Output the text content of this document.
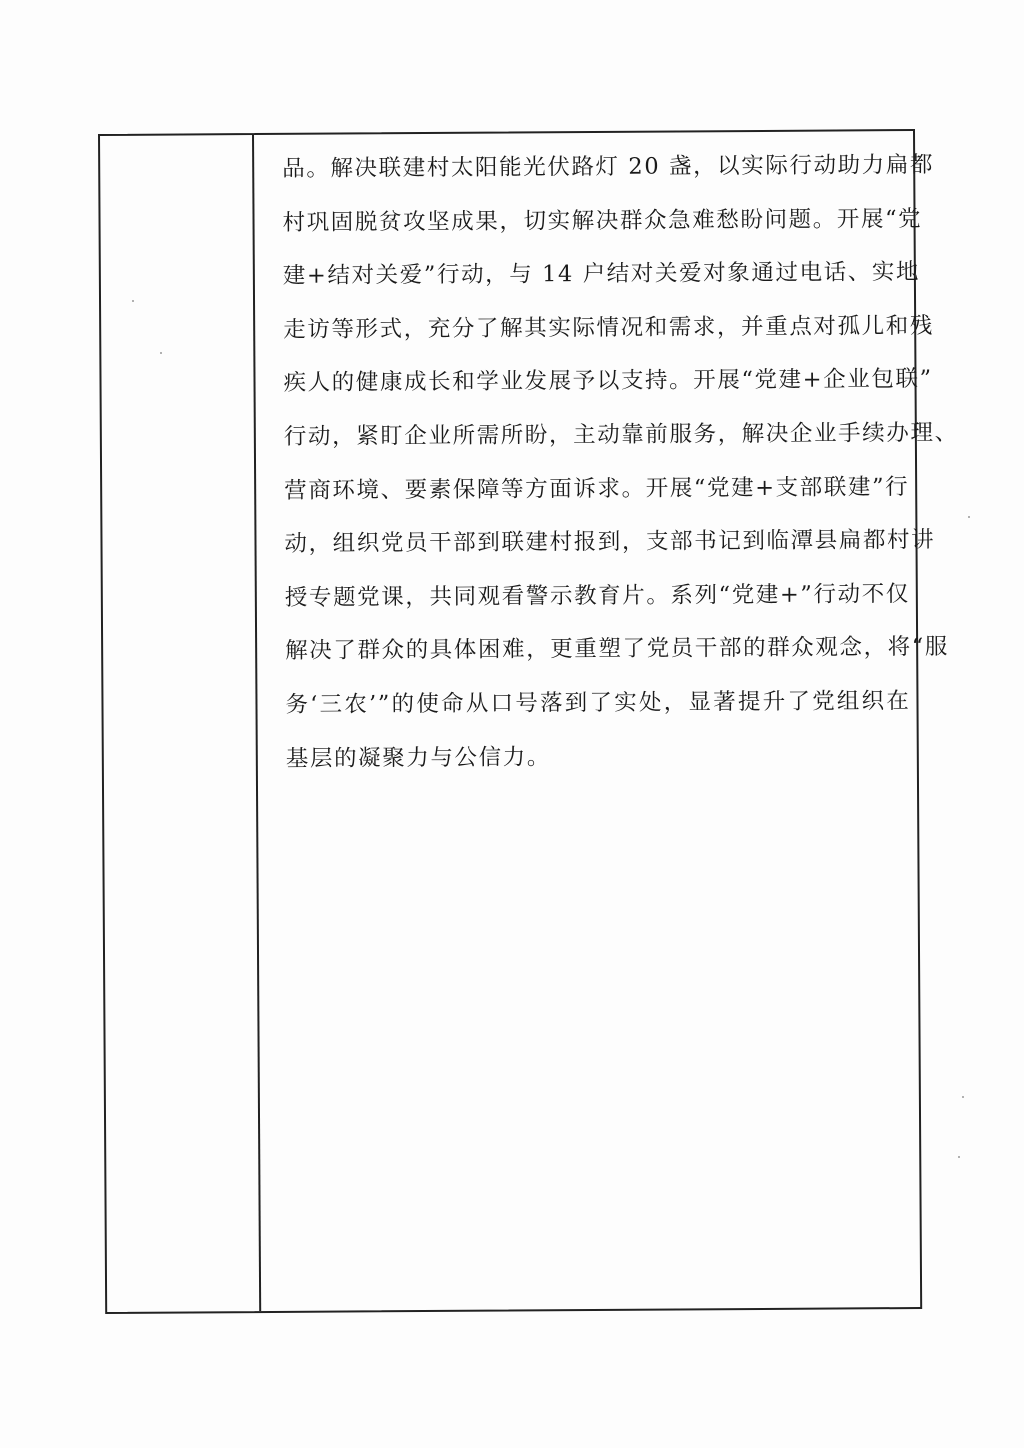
品。解决联建村太阳能光伏路灯 20 盏，以实际行动助力扁都
村巩固脱贫攻坚成果，切实解决群众急难愁盼问题。开展“党
建+结对关爱”行动，与 14 户结对关爱对象通过电话、实地
走访等形式，充分了解其实际情况和需求，并重点对孤儿和残
疾人的健康成长和学业发展予以支持。开展“党建+企业包联”
行动，紧盯企业所需所盼，主动靠前服务，解决企业手续办理、
营商环境、要素保障等方面诉求。开展“党建+支部联建”行
动，组织党员干部到联建村报到，支部书记到临潭县扁都村讲
授专题党课，共同观看警示教育片。系列“党建+”行动不仅
解决了群众的具体困难，更重塑了党员干部的群众观念，将“服
务‘三农’”的使命从口号落到了实处，显著提升了党组织在
基层的凝聚力与公信力。
